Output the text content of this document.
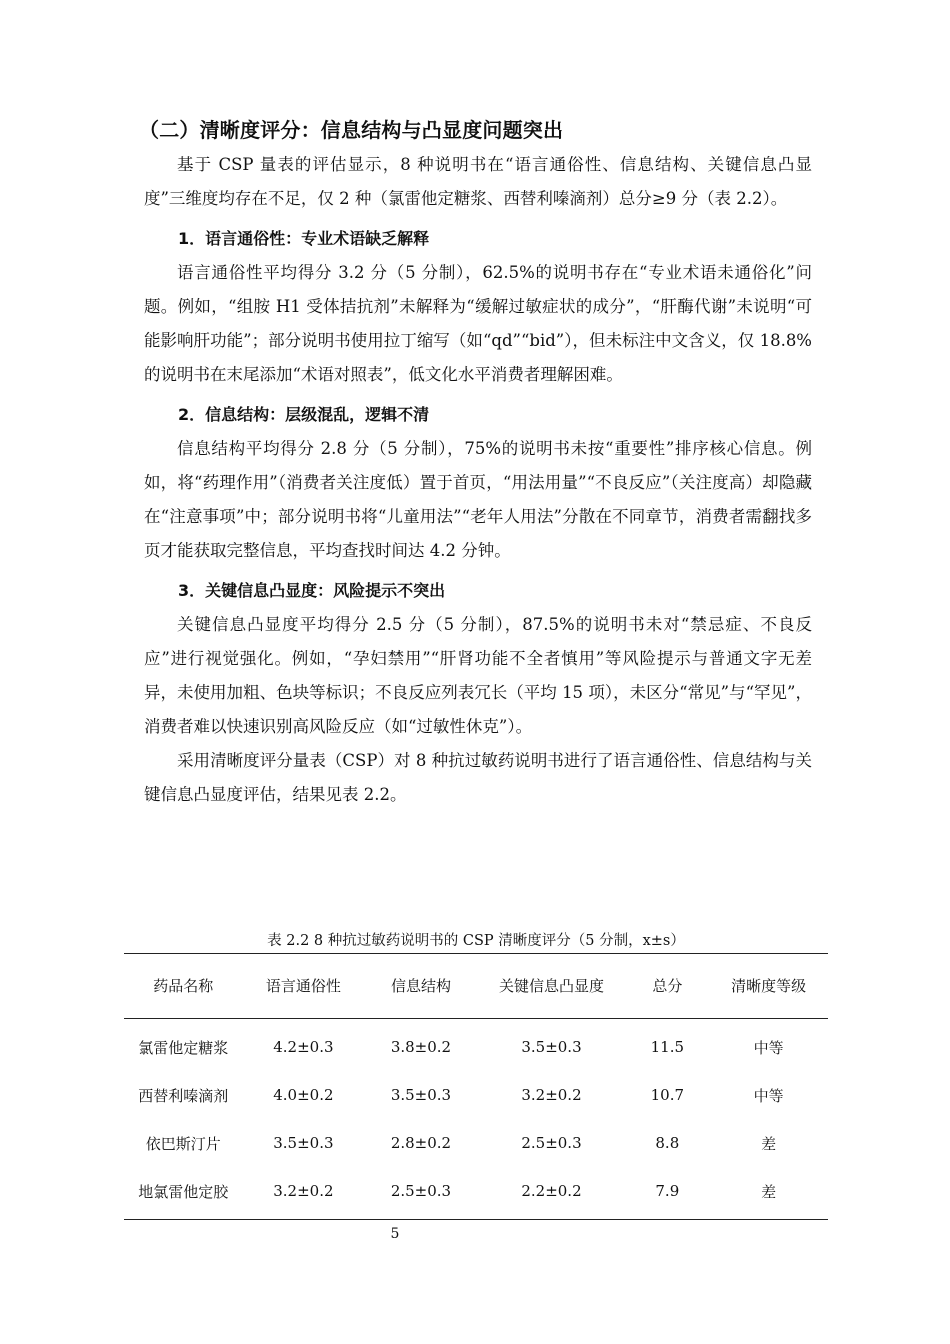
（二）清晰度评分：信息结构与凸显度问题突出

基于 CSP 量表的评估显示，8 种说明书在“语言通俗性、信息结构、关键信息凸显度”三维度均存在不足，仅 2 种（氯雷他定糖浆、西替利嗪滴剂）总分≥9 分（表 2.2）。

1．语言通俗性：专业术语缺乏解释

语言通俗性平均得分 3.2 分（5 分制），62.5%的说明书存在“专业术语未通俗化”问题。例如，“组胺 H1 受体拮抗剂”未解释为“缓解过敏症状的成分”，“肝酶代谢”未说明“可能影响肝功能”；部分说明书使用拉丁缩写（如“qd”“bid”），但未标注中文含义，仅 18.8%的说明书在末尾添加“术语对照表”，低文化水平消费者理解困难。

2．信息结构：层级混乱，逻辑不清

信息结构平均得分 2.8 分（5 分制），75%的说明书未按“重要性”排序核心信息。例如，将“药理作用”（消费者关注度低）置于首页，“用法用量”“不良反应”（关注度高）却隐藏在“注意事项”中；部分说明书将“儿童用法”“老年人用法”分散在不同章节，消费者需翻找多页才能获取完整信息，平均查找时间达 4.2 分钟。

3．关键信息凸显度：风险提示不突出

关键信息凸显度平均得分 2.5 分（5 分制），87.5%的说明书未对“禁忌症、不良反应”进行视觉强化。例如，“孕妇禁用”“肝肾功能不全者慎用”等风险提示与普通文字无差异，未使用加粗、色块等标识；不良反应列表冗长（平均 15 项），未区分“常见”与“罕见”，消费者难以快速识别高风险反应（如“过敏性休克”）。

采用清晰度评分量表（CSP）对 8 种抗过敏药说明书进行了语言通俗性、信息结构与关键信息凸显度评估，结果见表 2.2。

表 2.2 8 种抗过敏药说明书的 CSP 清晰度评分（5 分制，x±s）
药品名称	语言通俗性	信息结构	关键信息凸显度	总分	清晰度等级
氯雷他定糖浆	4.2±0.3	3.8±0.2	3.5±0.3	11.5	中等
西替利嗪滴剂	4.0±0.2	3.5±0.3	3.2±0.2	10.7	中等
依巴斯汀片	3.5±0.3	2.8±0.2	2.5±0.3	8.8	差
地氯雷他定胶	3.2±0.2	2.5±0.3	2.2±0.2	7.9	差
5
